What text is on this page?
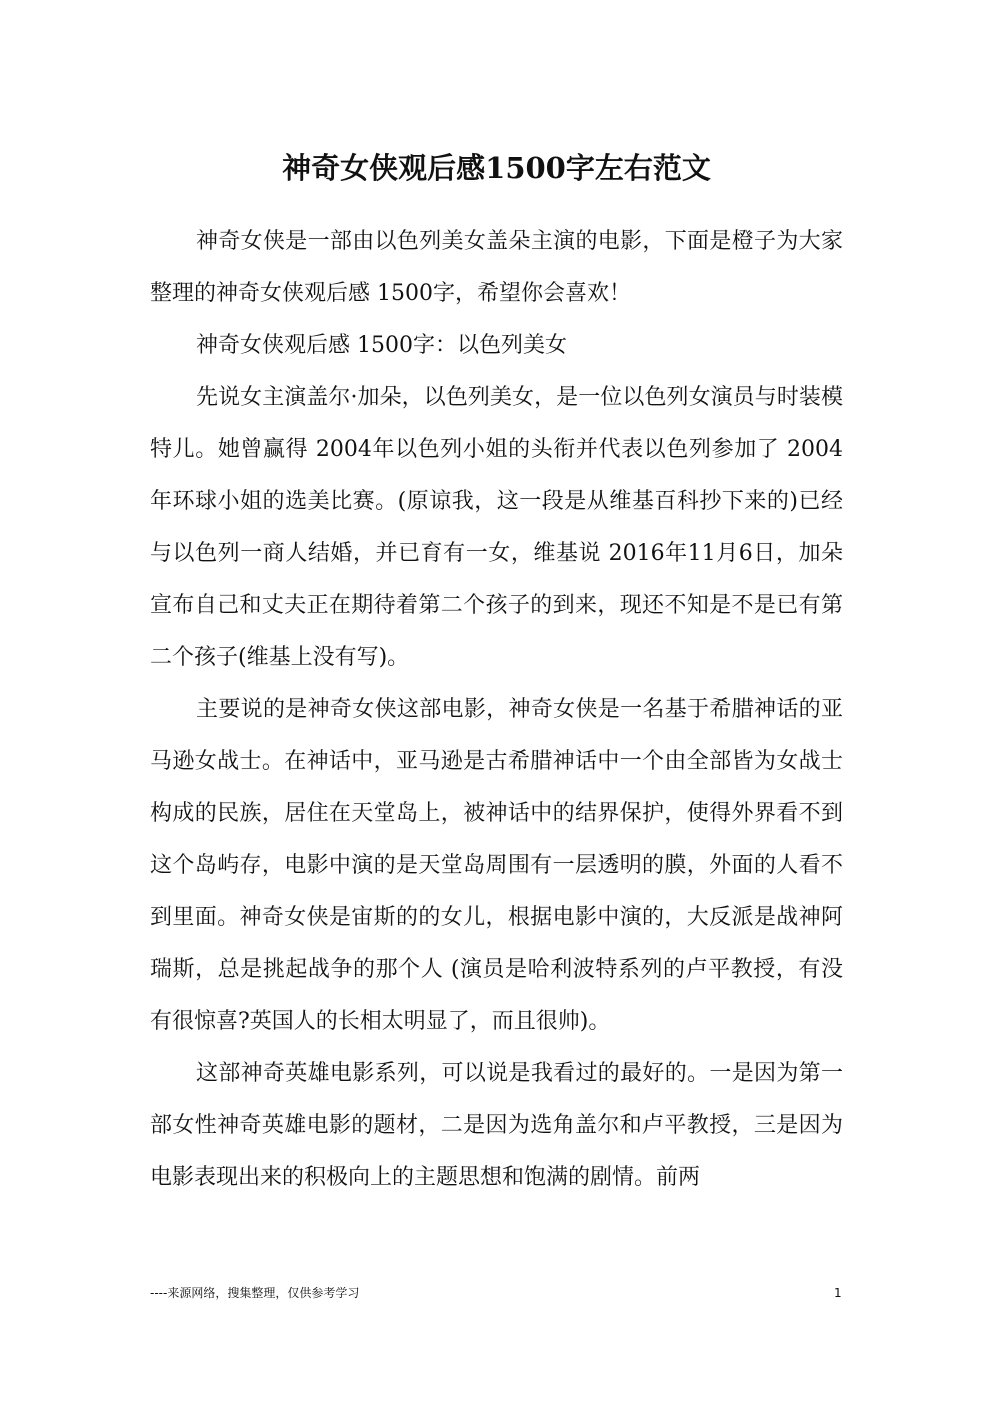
神奇女侠观后感1500字左右范文

神奇女侠是一部由以色列美女盖朵主演的电影，下面是橙子为大家整理的神奇女侠观后感 1500字，希望你会喜欢！

神奇女侠观后感 1500字：以色列美女

先说女主演盖尔·加朵，以色列美女，是一位以色列女演员与时装模特儿。她曾赢得 2004年以色列小姐的头衔并代表以色列参加了 2004年环球小姐的选美比赛。(原谅我，这一段是从维基百科抄下来的)已经与以色列一商人结婚，并已育有一女，维基说 2016年11月6日，加朵宣布自己和丈夫正在期待着第二个孩子的到来，现还不知是不是已有第二个孩子(维基上没有写)。

主要说的是神奇女侠这部电影，神奇女侠是一名基于希腊神话的亚马逊女战士。在神话中，亚马逊是古希腊神话中一个由全部皆为女战士构成的民族，居住在天堂岛上，被神话中的结界保护，使得外界看不到这个岛屿存，电影中演的是天堂岛周围有一层透明的膜，外面的人看不到里面。神奇女侠是宙斯的的女儿，根据电影中演的，大反派是战神阿瑞斯，总是挑起战争的那个人 (演员是哈利波特系列的卢平教授，有没有很惊喜?英国人的长相太明显了，而且很帅)。

这部神奇英雄电影系列，可以说是我看过的最好的。一是因为第一部女性神奇英雄电影的题材，二是因为选角盖尔和卢平教授，三是因为电影表现出来的积极向上的主题思想和饱满的剧情。前两

----来源网络，搜集整理，仅供参考学习	1
